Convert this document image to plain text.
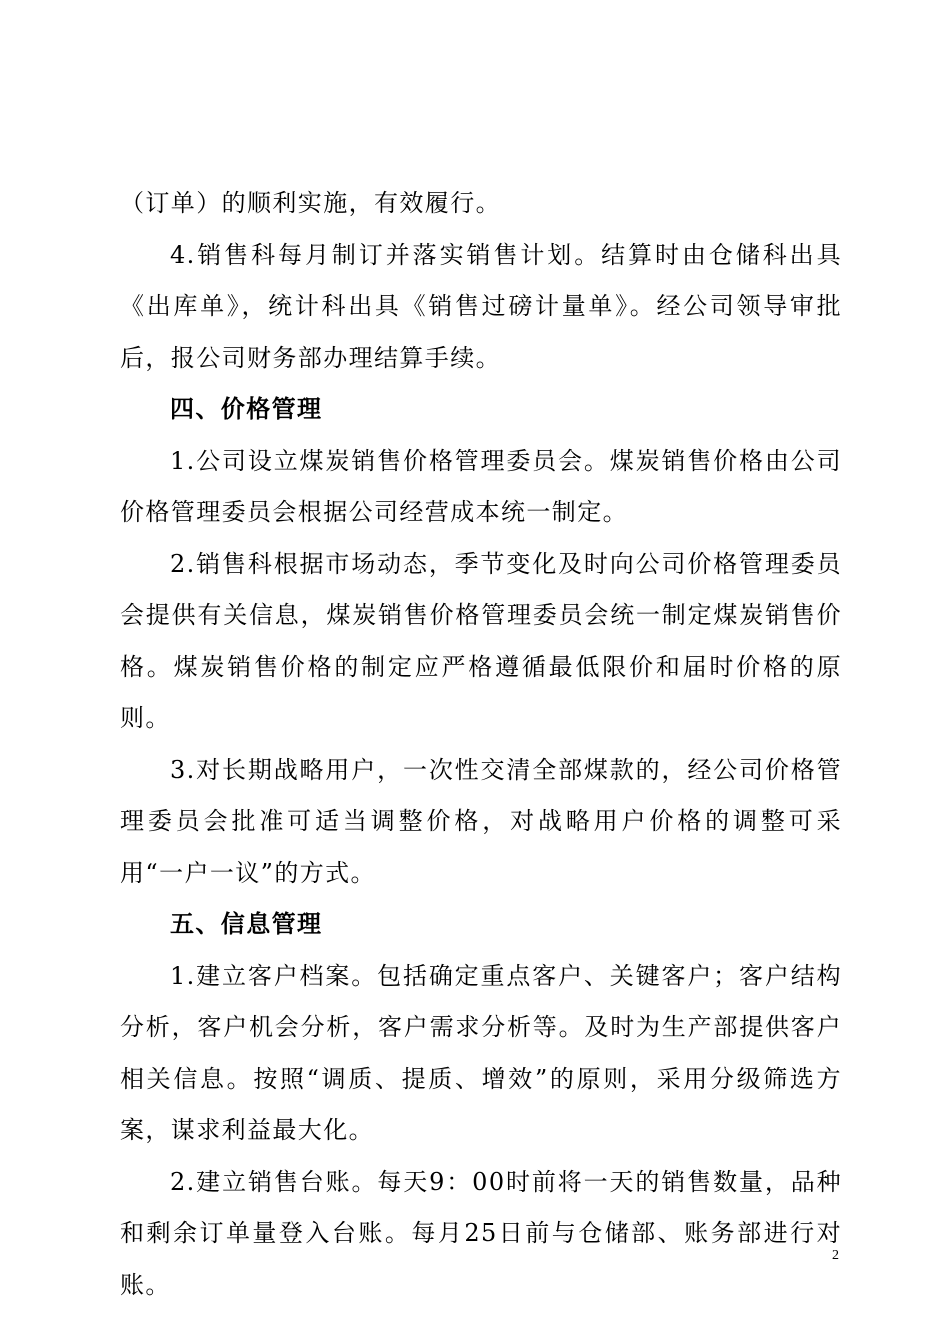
（订单）的顺利实施，有效履行。

4.销售科每月制订并落实销售计划。结算时由仓储科出具《出库单》，统计科出具《销售过磅计量单》。经公司领导审批后，报公司财务部办理结算手续。

四、价格管理

1.公司设立煤炭销售价格管理委员会。煤炭销售价格由公司价格管理委员会根据公司经营成本统一制定。

2.销售科根据市场动态，季节变化及时向公司价格管理委员会提供有关信息，煤炭销售价格管理委员会统一制定煤炭销售价格。煤炭销售价格的制定应严格遵循最低限价和届时价格的原则。

3.对长期战略用户，一次性交清全部煤款的，经公司价格管理委员会批准可适当调整价格，对战略用户价格的调整可采用“一户一议”的方式。

五、信息管理

1.建立客户档案。包括确定重点客户、关键客户；客户结构分析，客户机会分析，客户需求分析等。及时为生产部提供客户相关信息。按照“调质、提质、增效”的原则，采用分级筛选方案，谋求利益最大化。

2.建立销售台账。每天9：00时前将一天的销售数量，品种和剩余订单量登入台账。每月25日前与仓储部、账务部进行对账。

2
